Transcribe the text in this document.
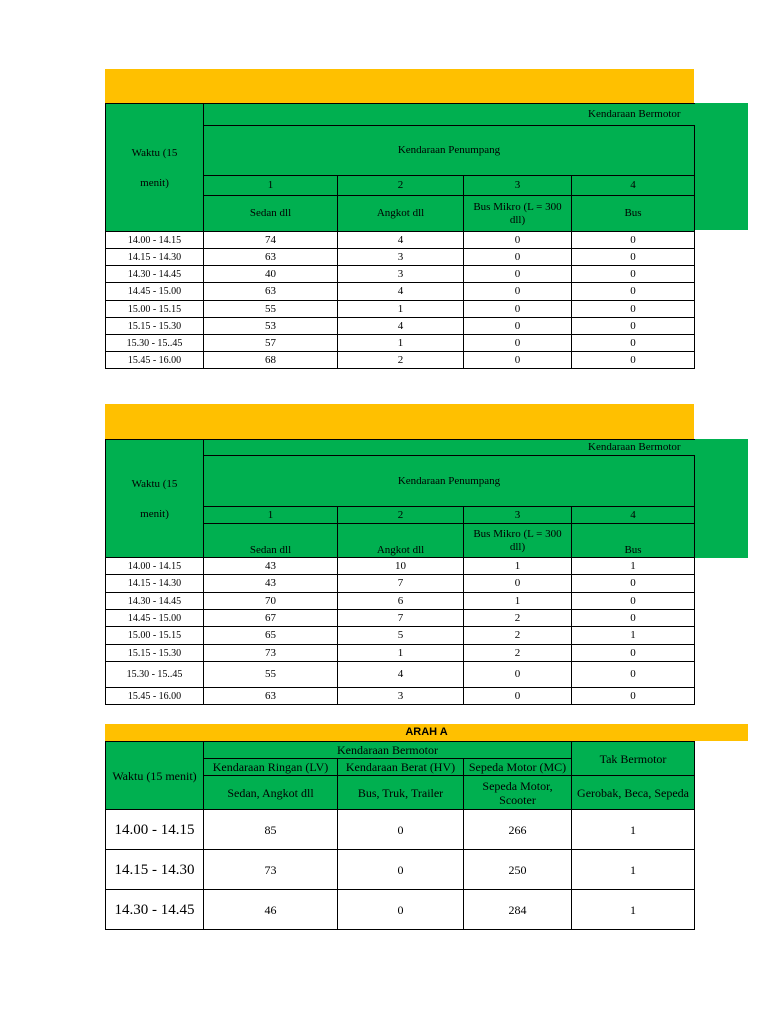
Waktu (15 menit)	Kendaraan Bermotor			
	Kendaraan Penumpang			
	1	2	3	4
	Sedan dll	Angkot dll	Bus Mikro (L = 300 dll)	Bus
14.00 - 14.15	74	4	0	0
14.15 - 14.30	63	3	0	0
14.30 - 14.45	40	3	0	0
14.45 - 15.00	63	4	0	0
15.00 - 15.15	55	1	0	0
15.15 - 15.30	53	4	0	0
15.30 - 15..45	57	1	0	0
15.45 - 16.00	68	2	0	0
Waktu (15 menit)	Kendaraan Bermotor			
	Kendaraan Penumpang			
	1	2	3	4
	Sedan dll	Angkot dll	Bus Mikro (L = 300 dll)	Bus
14.00 - 14.15	43	10	1	1
14.15 - 14.30	43	7	0	0
14.30 - 14.45	70	6	1	0
14.45 - 15.00	67	7	2	0
15.00 - 15.15	65	5	2	1
15.15 - 15.30	73	1	2	0
15.30 - 15..45	55	4	0	0
15.45 - 16.00	63	3	0	0
ARAH A
Waktu (15 menit)	Kendaraan Bermotor			Tak Bermotor
	Kendaraan Ringan (LV)	Kendaraan Berat (HV)	Sepeda Motor (MC)	
	Sedan, Angkot dll	Bus, Truk, Trailer	Sepeda Motor, Scooter	Gerobak, Beca, Sepeda
14.00 - 14.15	85	0	266	1
14.15 - 14.30	73	0	250	1
14.30 - 14.45	46	0	284	1
